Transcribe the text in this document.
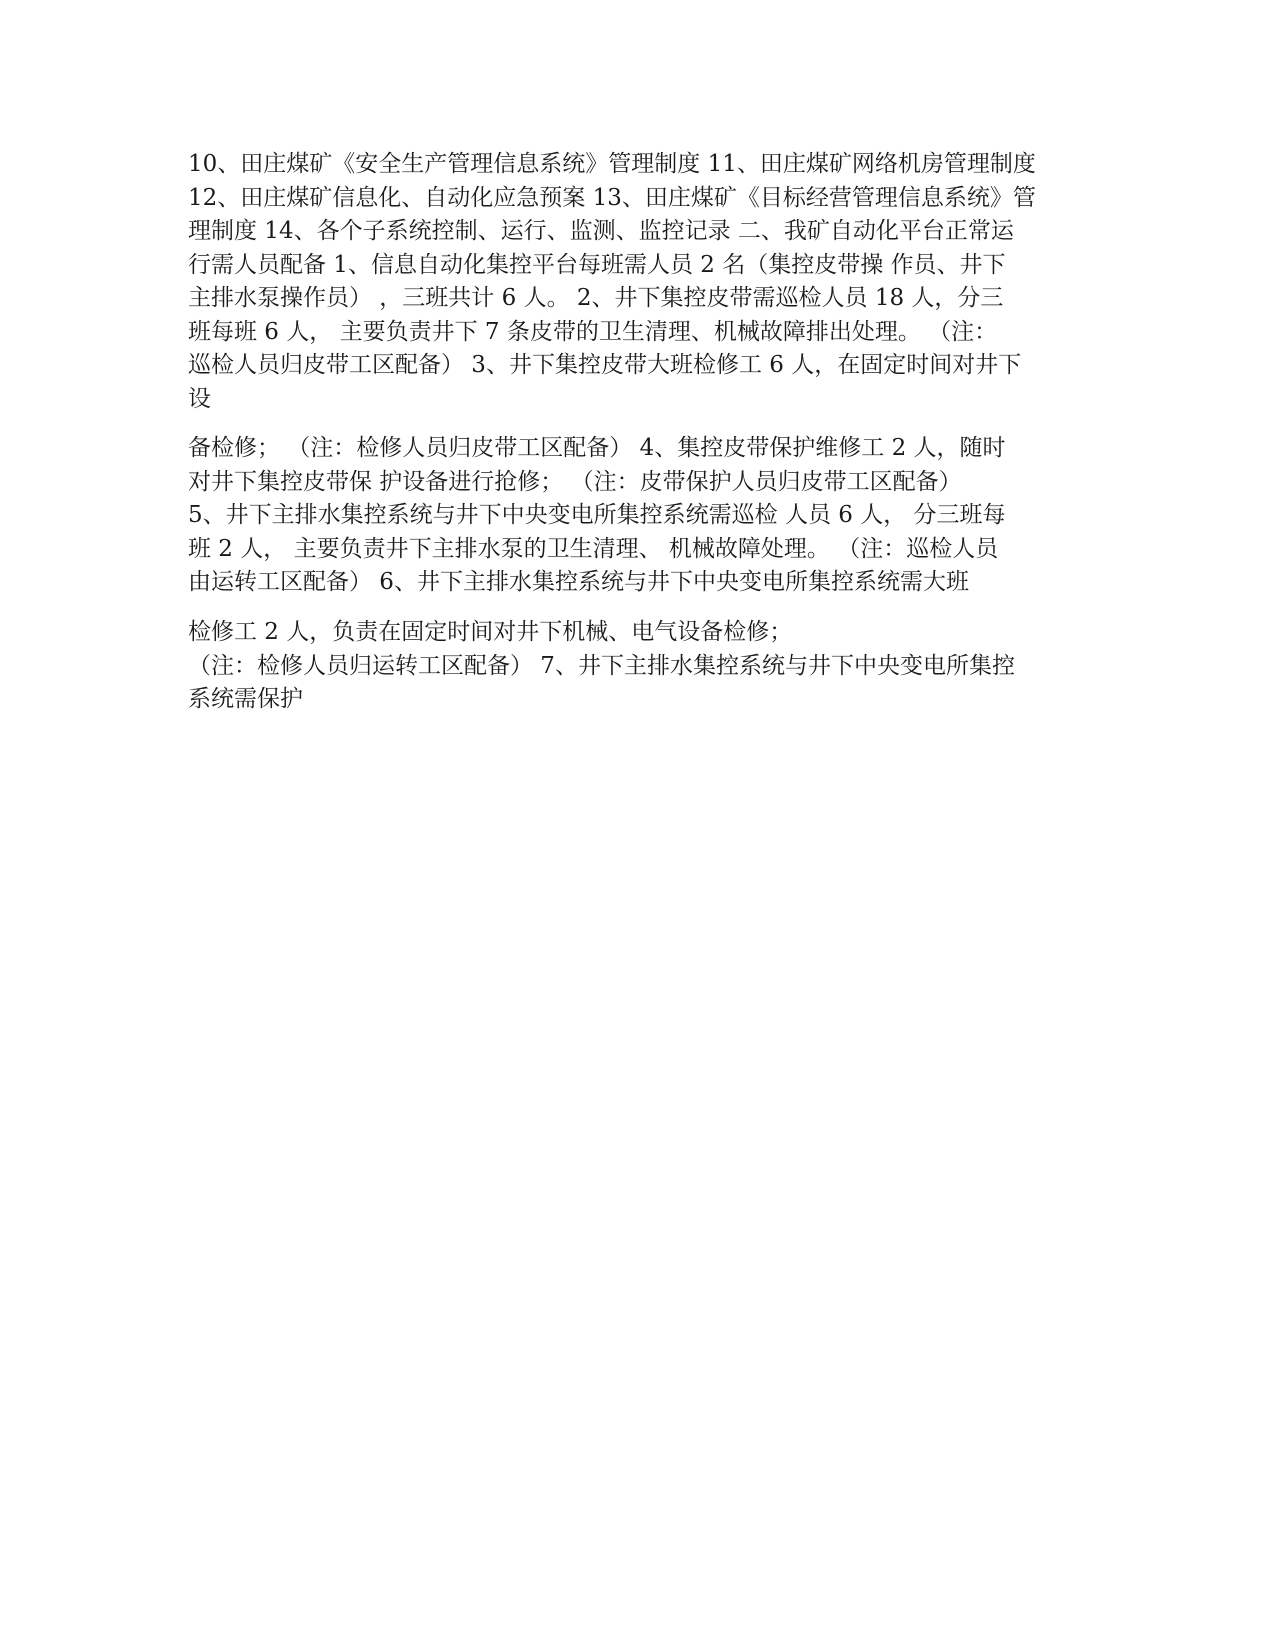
10、田庄煤矿《安全生产管理信息系统》管理制度 11、田庄煤矿网络机房管理制度
12、田庄煤矿信息化、自动化应急预案 13、田庄煤矿《目标经营管理信息系统》管
理制度 14、各个子系统控制、运行、监测、监控记录 二、我矿自动化平台正常运
行需人员配备 1、信息自动化集控平台每班需人员 2 名（集控皮带操 作员、井下
主排水泵操作员） ，三班共计 6 人。 2、井下集控皮带需巡检人员 18 人，分三
班每班 6 人， 主要负责井下 7 条皮带的卫生清理、机械故障排出处理。 （注：
巡检人员归皮带工区配备） 3、井下集控皮带大班检修工 6 人，在固定时间对井下
设
备检修； （注：检修人员归皮带工区配备） 4、集控皮带保护维修工 2 人，随时
对井下集控皮带保 护设备进行抢修； （注：皮带保护人员归皮带工区配备）
5、井下主排水集控系统与井下中央变电所集控系统需巡检 人员 6 人， 分三班每
班 2 人， 主要负责井下主排水泵的卫生清理、 机械故障处理。 （注：巡检人员
由运转工区配备） 6、井下主排水集控系统与井下中央变电所集控系统需大班
检修工 2 人，负责在固定时间对井下机械、电气设备检修；
（注：检修人员归运转工区配备） 7、井下主排水集控系统与井下中央变电所集控
系统需保护
